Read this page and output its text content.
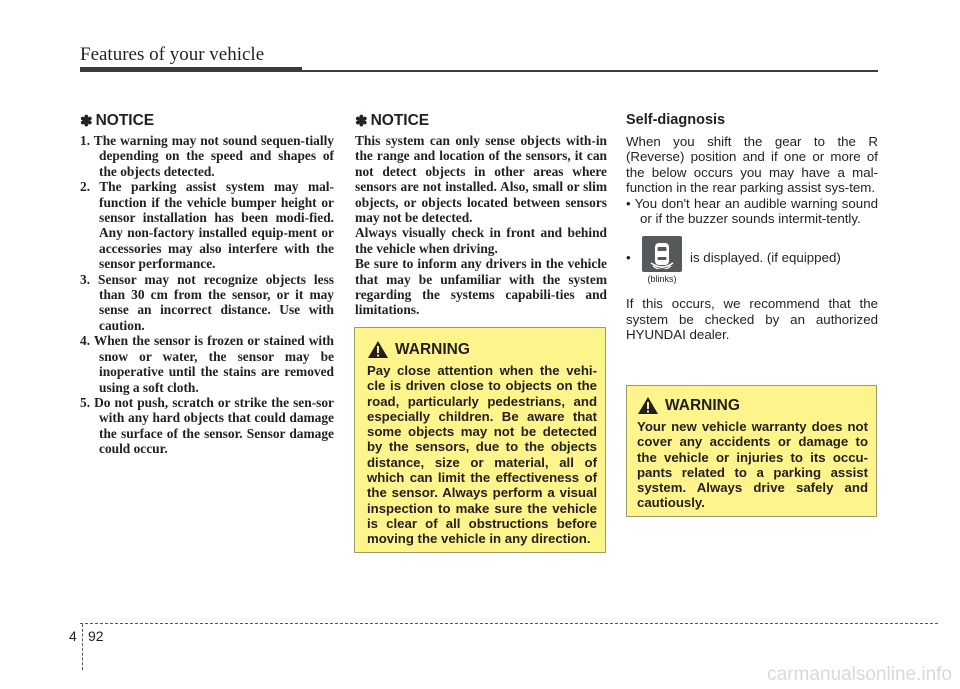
Features of your vehicle
✽ NOTICE
1. The warning may not sound sequen-tially depending on the speed and shapes of the objects detected.
2. The parking assist system may mal-function if the vehicle bumper height or sensor installation has been modi-fied. Any non-factory installed equip-ment or accessories may also interfere with the sensor performance.
3. Sensor may not recognize objects less than 30 cm from the sensor, or it may sense an incorrect distance. Use with caution.
4. When the sensor is frozen or stained with snow or water, the sensor may be inoperative until the stains are removed using a soft cloth.
5. Do not push, scratch or strike the sen-sor with any hard objects that could damage the surface of the sensor. Sensor damage could occur.
✽ NOTICE

This system can only sense objects with-in the range and location of the sensors, it can not detect objects in other areas where sensors are not installed. Also, small or slim objects, or objects located between sensors may not be detected.

Always visually check in front and behind the vehicle when driving.

Be sure to inform any drivers in the vehicle that may be unfamiliar with the system regarding the systems capabili-ties and limitations.

WARNING

Pay close attention when the vehi-cle is driven close to objects on the road, particularly pedestrians, and especially children. Be aware that some objects may not be detected by the sensors, due to the objects distance, size or material, all of which can limit the effectiveness of the sensor. Always perform a visual inspection to make sure the vehicle is clear of all obstructions before moving the vehicle in any direction.

Self-diagnosis

When you shift the gear to the R (Reverse) position and if one or more of the below occurs you may have a mal-function in the rear parking assist sys-tem.

• You don't hear an audible warning sound or if the buzzer sounds intermit-tently.

•
(blinks)
is displayed. (if equipped)

If this occurs, we recommend that the system be checked by an authorized HYUNDAI dealer.

WARNING

Your new vehicle warranty does not cover any accidents or damage to the vehicle or injuries to its occu-pants related to a parking assist system. Always drive safely and cautiously.

4 92
carmanualsonline.info
